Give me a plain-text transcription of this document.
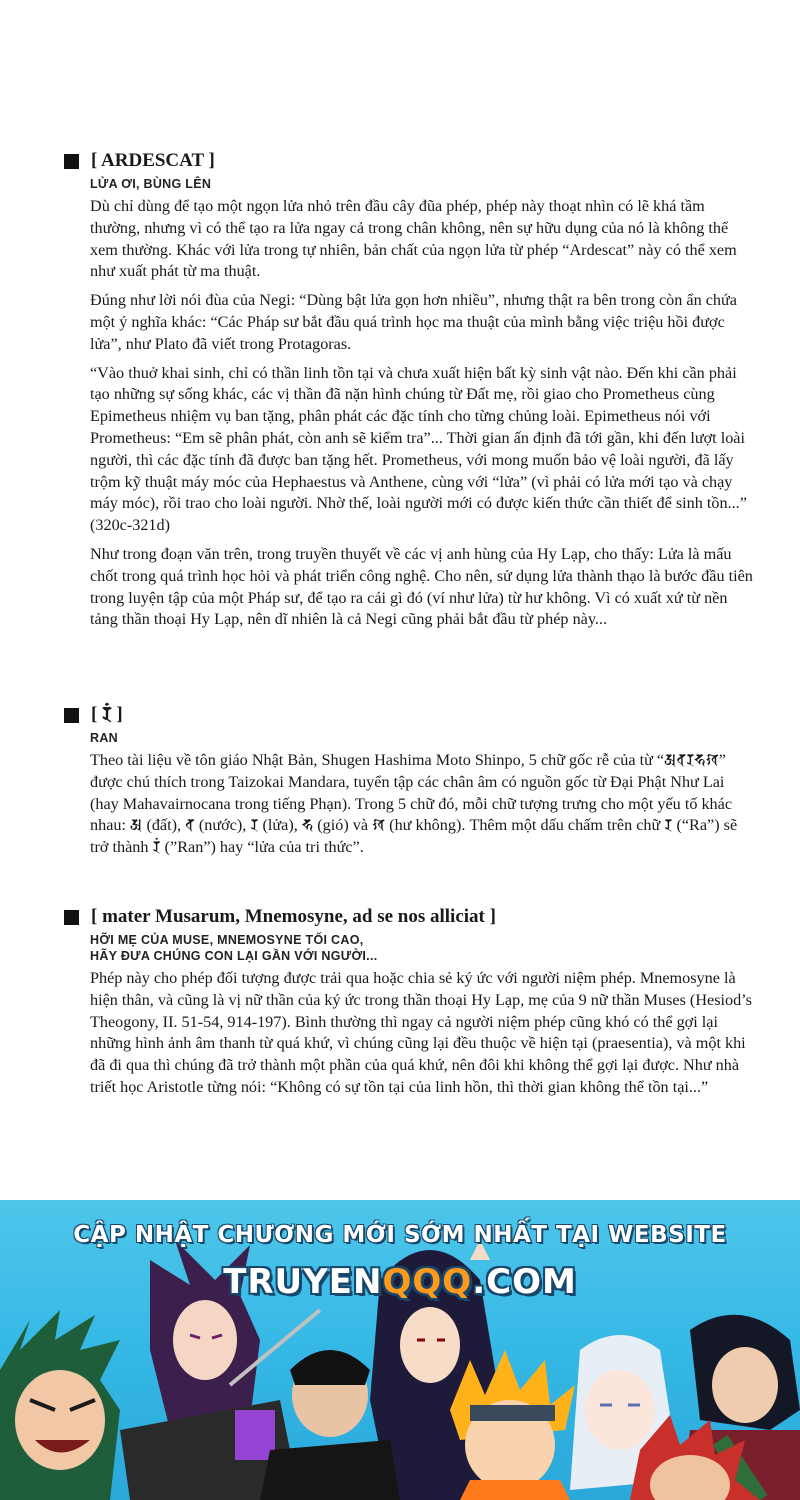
[ ARDESCAT ]
LỬA ƠI, BÙNG LÊN

Dù chỉ dùng để tạo một ngọn lửa nhỏ trên đầu cây đũa phép, phép này thoạt nhìn có lẽ khá tầm thường, nhưng vì có thể tạo ra lửa ngay cả trong chân không, nên sự hữu dụng của nó là không thể xem thường. Khác với lửa trong tự nhiên, bản chất của ngọn lửa từ phép “Ardescat” này có thể xem như xuất phát từ ma thuật.

Đúng như lời nói đùa của Negi: “Dùng bật lửa gọn hơn nhiều”, nhưng thật ra bên trong còn ẩn chứa một ý nghĩa khác: “Các Pháp sư bắt đầu quá trình học ma thuật của mình bằng việc triệu hồi được lửa”, như Plato đã viết trong Protagoras.

“Vào thuở khai sinh, chỉ có thần linh tồn tại và chưa xuất hiện bất kỳ sinh vật nào. Đến khi cần phải tạo những sự sống khác, các vị thần đã nặn hình chúng từ Đất mẹ, rồi giao cho Prometheus cùng Epimetheus nhiệm vụ ban tặng, phân phát các đặc tính cho từng chủng loài. Epimetheus nói với Prometheus: “Em sẽ phân phát, còn anh sẽ kiểm tra”... Thời gian ấn định đã tới gần, khi đến lượt loài người, thì các đặc tính đã được ban tặng hết. Prometheus, với mong muốn bảo vệ loài người, đã lấy trộm kỹ thuật máy móc của Hephaestus và Anthene, cùng với “lửa” (vì phải có lửa mới tạo và chạy máy móc), rồi trao cho loài người. Nhờ thế, loài người mới có được kiến thức cần thiết để sinh tồn...” (320c-321d)

Như trong đoạn văn trên, trong truyền thuyết về các vị anh hùng của Hy Lạp, cho thấy: Lửa là mấu chốt trong quá trình học hỏi và phát triển công nghệ. Cho nên, sử dụng lửa thành thạo là bước đầu tiên trong luyện tập của một Pháp sư, để tạo ra cái gì đó (ví như lửa) từ hư không. Vì có xuất xứ từ nền tảng thần thoại Hy Lạp, nên dĩ nhiên là cả Negi cũng phải bắt đầu từ phép này...

[ 𑖨𑖽 ]
RAN

Theo tài liệu về tôn giáo Nhật Bản, Shugen Hashima Moto Shinpo, 5 chữ gốc rễ của từ “𑖀𑖪𑖨𑖮𑖏” được chú thích trong Taizokai Mandara, tuyển tập các chân âm có nguồn gốc từ Đại Phật Như Lai (hay Mahavairnocana trong tiếng Phạn). Trong 5 chữ đó, mỗi chữ tượng trưng cho một yếu tố khác nhau: 𑖀 (đất), 𑖪 (nước), 𑖨 (lửa), 𑖮 (gió) và 𑖏 (hư không). Thêm một dấu chấm trên chữ 𑖨 (“Ra”) sẽ trở thành 𑖨𑖽 (”Ran”) hay “lửa của tri thức”.

[ mater Musarum, Mnemosyne, ad se nos alliciat ]
HỠI MẸ CỦA MUSE, MNEMOSYNE TỐI CAO,
HÃY ĐƯA CHÚNG CON LẠI GẦN VỚI NGƯỜI...

Phép này cho phép đối tượng được trải qua hoặc chia sẻ ký ức với người niệm phép. Mnemosyne là hiện thân, và cũng là vị nữ thần của ký ức trong thần thoại Hy Lạp, mẹ của 9 nữ thần Muses (Hesiod’s Theogony, II. 51-54, 914-197). Bình thường thì ngay cả người niệm phép cũng khó có thể gợi lại những hình ảnh âm thanh từ quá khứ, vì chúng cũng lại đều thuộc về hiện tại (praesentia), và một khi đã đi qua thì chúng đã trở thành một phần của quá khứ, nên đôi khi không thể gợi lại được. Như nhà triết học Aristotle từng nói: “Không có sự tồn tại của linh hồn, thì thời gian không thể tồn tại...”

CẬP NHẬT CHƯƠNG MỚI SỚM NHẤT TẠI WEBSITE
TRUYENQQQ.COM
